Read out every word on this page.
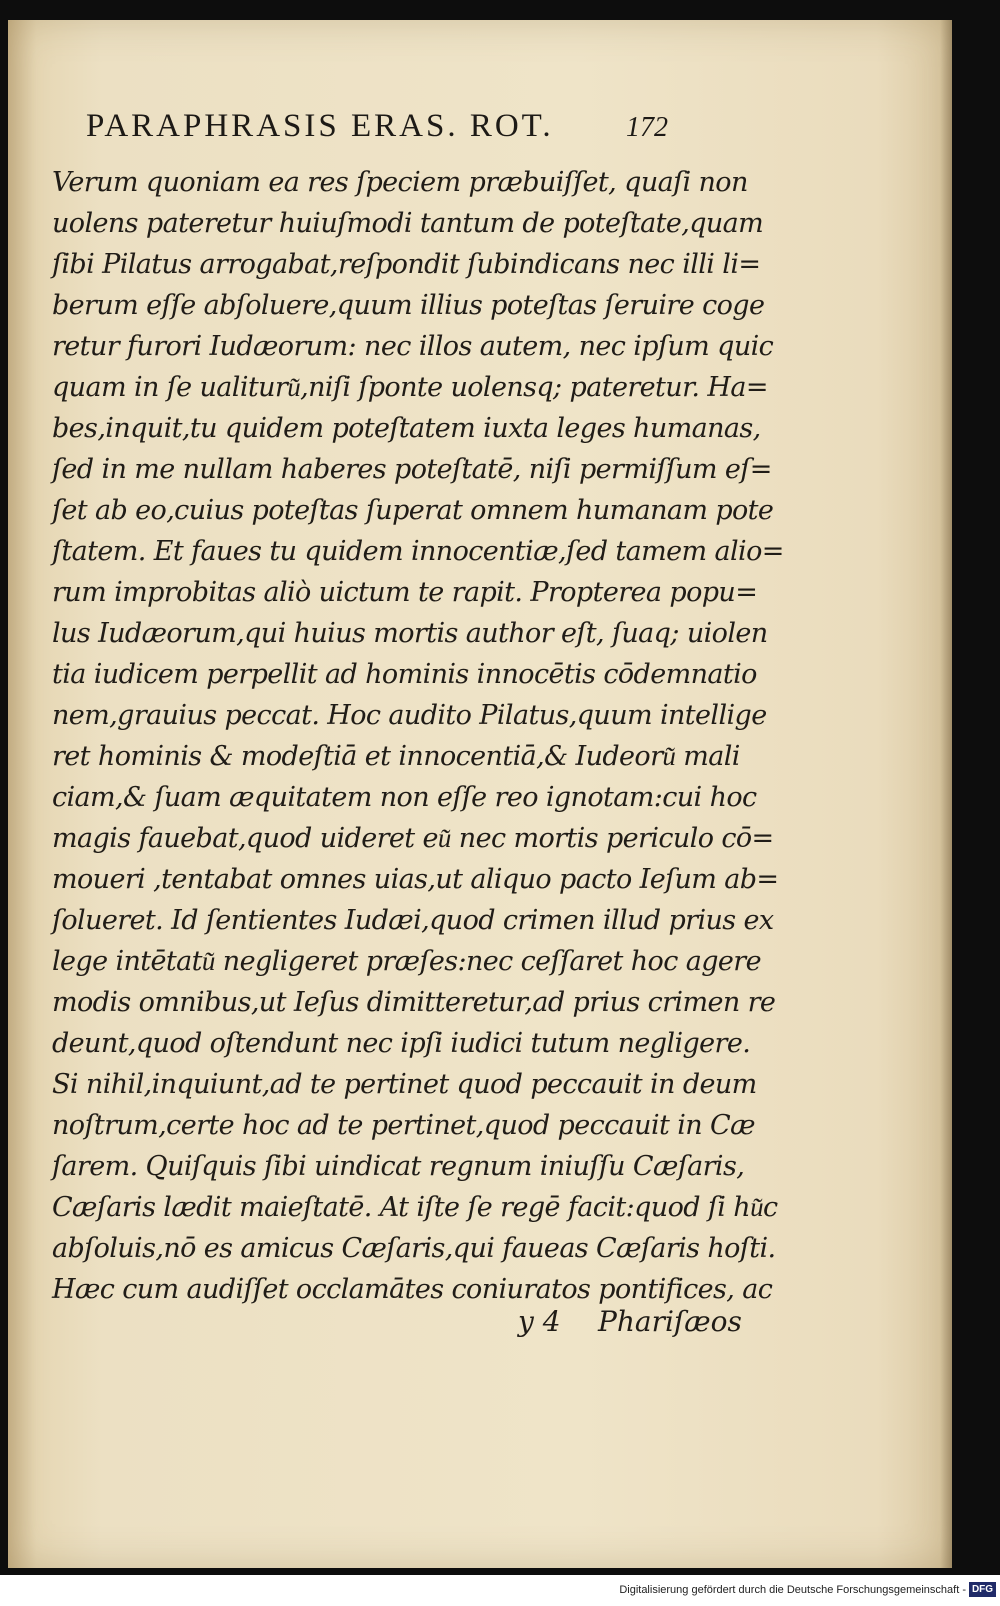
PARAPHRASIS ERAS. ROT.	172
Verum quoniam ea res ſpeciem præbuiſſet, quaſi non
uolens pateretur huiuſmodi tantum de poteſtate,quam
ſibi Pilatus arrogabat,reſpondit ſubindicans nec illi li=
berum eſſe abſoluere,quum illius poteſtas ſeruire coge
retur furori Iudæorum: nec illos autem, nec ipſum quic
quam in ſe ualituru͂,niſi ſponte uolensq; pateretur. Ha=
bes,inquit,tu quidem poteſtatem iuxta leges humanas,
ſed in me nullam haberes poteſtatē, niſi permiſſum eſ=
ſet ab eo,cuius poteſtas ſuperat omnem humanam pote
ſtatem. Et faues tu quidem innocentiæ,ſed tamem alio=
rum improbitas aliò uictum te rapit. Propterea popu=
lus Iudæorum,qui huius mortis author eſt, ſuaq; uiolen
tia iudicem perpellit ad hominis innocētis cōdemnatio
nem,grauius peccat. Hoc audito Pilatus,quum intellige
ret hominis & modeſtiā et innocentiā,& Iudeoru͂ mali
ciam,& ſuam æquitatem non eſſe reo ignotam:cui hoc
magis fauebat,quod uideret eu͂ nec mortis periculo cō=
moueri ,tentabat omnes uias,ut aliquo pacto Ieſum ab=
ſolueret. Id ſentientes Iudæi,quod crimen illud prius ex
lege intētatu͂ negligeret præſes:nec ceſſaret hoc agere
modis omnibus,ut Ieſus dimitteretur,ad prius crimen re
deunt,quod oſtendunt nec ipſi iudici tutum negligere.
Si nihil,inquiunt,ad te pertinet quod peccauit in deum
noſtrum,certe hoc ad te pertinet,quod peccauit in Cæ
ſarem. Quiſquis ſibi uindicat regnum iniuſſu Cæſaris,
Cæſaris lædit maieſtatē. At iſte ſe regē facit:quod ſi hu͂c
abſoluis,nō es amicus Cæſaris,qui faueas Cæſaris hoſti.
Hæc cum audiſſet occlamātes coniuratos pontifices, ac
y 4 Phariſæos
Digitalisierung gefördert durch die Deutsche Forschungsgemeinschaft - DFG
